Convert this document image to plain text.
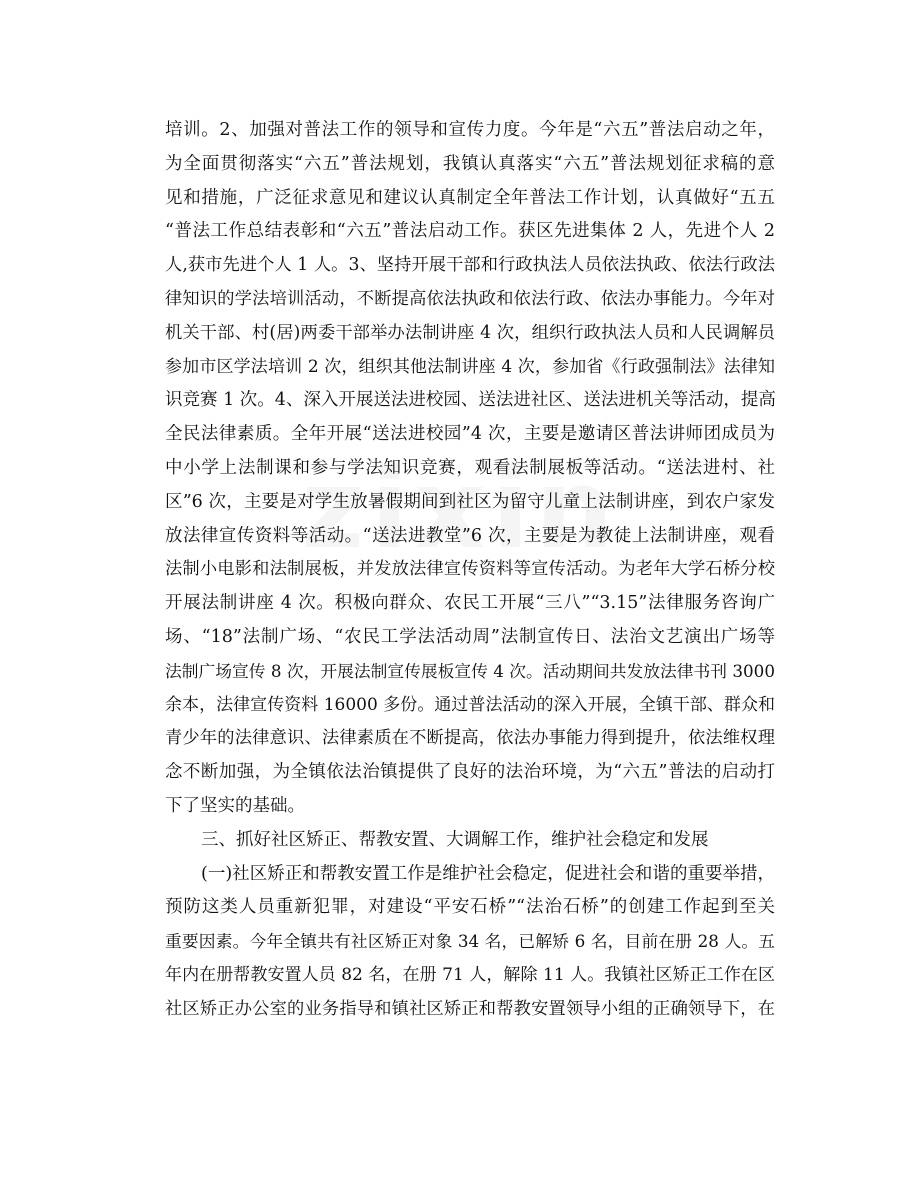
培训。2、加强对普法工作的领导和宣传力度。今年是“六五”普法启动之年，
为全面贯彻落实“六五”普法规划，我镇认真落实“六五”普法规划征求稿的意
见和措施，广泛征求意见和建议认真制定全年普法工作计划，认真做好“五五
“普法工作总结表彰和“六五”普法启动工作。获区先进集体 2 人，先进个人 2
人,获市先进个人 1 人。3、坚持开展干部和行政执法人员依法执政、依法行政法
律知识的学法培训活动，不断提高依法执政和依法行政、依法办事能力。今年对
机关干部、村(居)两委干部举办法制讲座 4 次，组织行政执法人员和人民调解员
参加市区学法培训 2 次，组织其他法制讲座 4 次，参加省《行政强制法》法律知
识竞赛 1 次。4、深入开展送法进校园、送法进社区、送法进机关等活动，提高
全民法律素质。全年开展“送法进校园”4 次，主要是邀请区普法讲师团成员为
中小学上法制课和参与学法知识竞赛，观看法制展板等活动。“送法进村、社
区”6 次，主要是对学生放暑假期间到社区为留守儿童上法制讲座，到农户家发
放法律宣传资料等活动。“送法进教堂”6 次，主要是为教徒上法制讲座，观看
法制小电影和法制展板，并发放法律宣传资料等宣传活动。为老年大学石桥分校
开展法制讲座 4 次。积极向群众、农民工开展“三八”“3.15”法律服务咨询广
场、“18”法制广场、“农民工学法活动周”法制宣传日、法治文艺演出广场等
法制广场宣传 8 次，开展法制宣传展板宣传 4 次。活动期间共发放法律书刊 3000
余本，法律宣传资料 16000 多份。通过普法活动的深入开展，全镇干部、群众和
青少年的法律意识、法律素质在不断提高，依法办事能力得到提升，依法维权理
念不断加强，为全镇依法治镇提供了良好的法治环境，为“六五”普法的启动打
下了坚实的基础。
三、抓好社区矫正、帮教安置、大调解工作，维护社会稳定和发展
(一)社区矫正和帮教安置工作是维护社会稳定，促进社会和谐的重要举措，
预防这类人员重新犯罪，对建设“平安石桥”“法治石桥”的创建工作起到至关
重要因素。今年全镇共有社区矫正对象 34 名，已解矫 6 名，目前在册 28 人。五
年内在册帮教安置人员 82 名，在册 71 人，解除 11 人。我镇社区矫正工作在区
社区矫正办公室的业务指导和镇社区矫正和帮教安置领导小组的正确领导下，在
